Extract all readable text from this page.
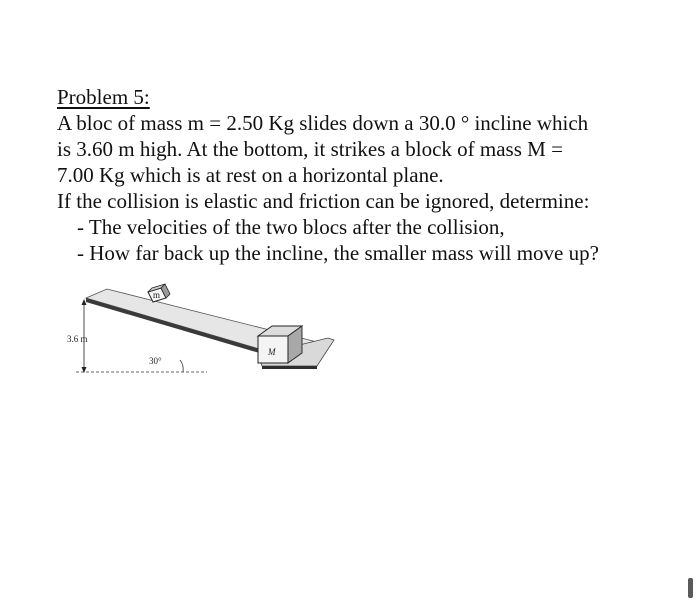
Problem 5:
A bloc of mass m = 2.50 Kg slides down a 30.0 ° incline which
is 3.60 m high. At the bottom, it strikes a block of mass M =
7.00 Kg which is at rest on a horizontal plane.
If the collision is elastic and friction can be ignored, determine:
- The velocities of the two blocs after the collision,
- How far back up the incline, the smaller mass will move up?
m
M
3.6 m
30°
